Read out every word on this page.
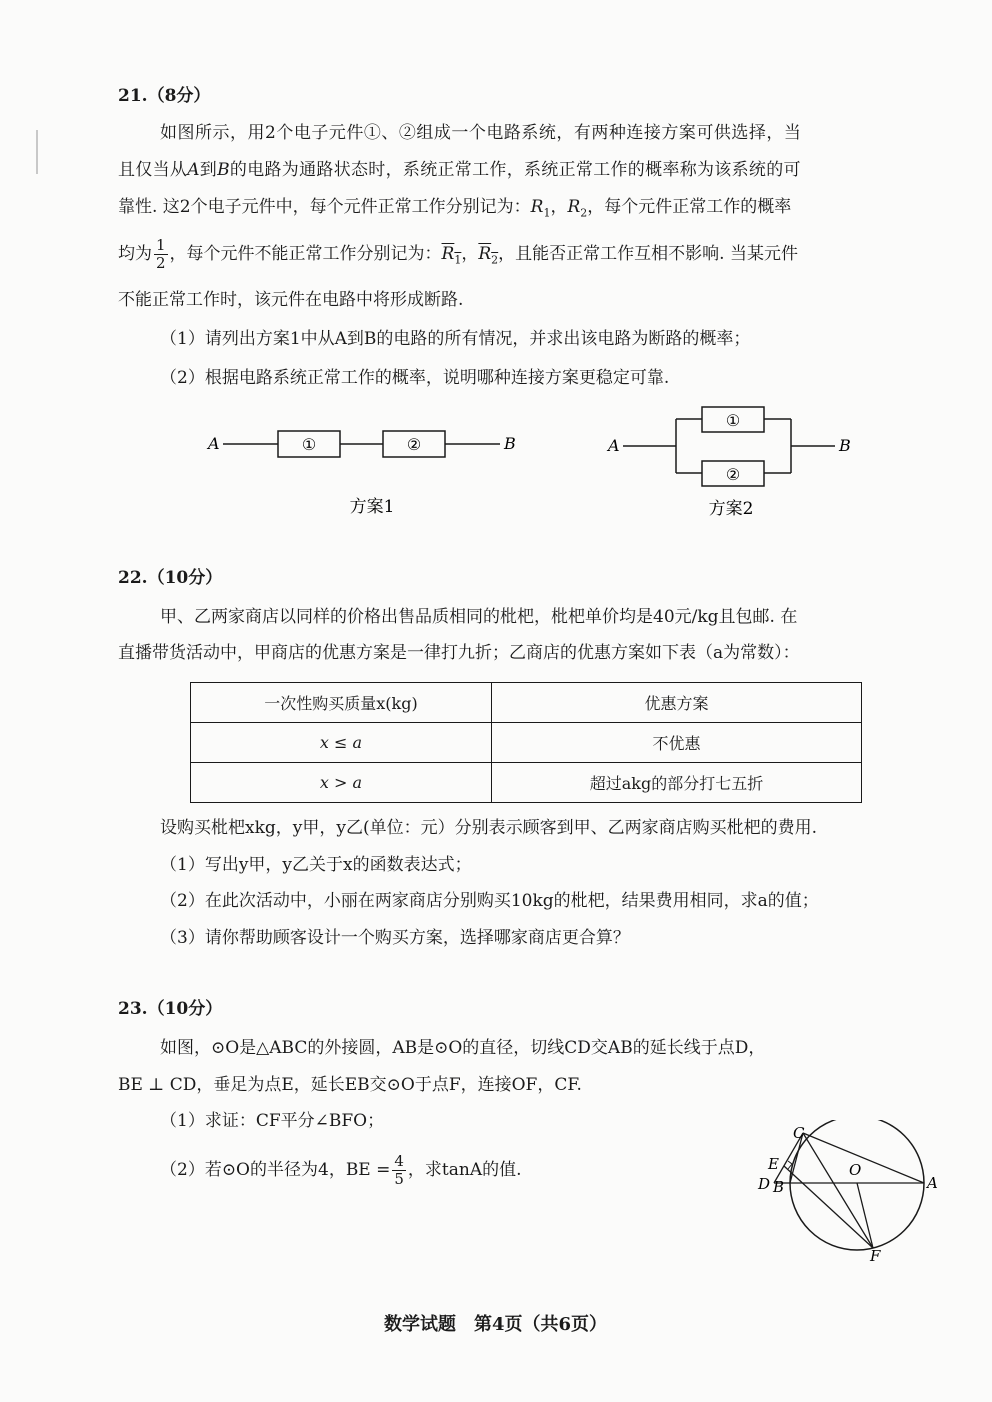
21.（8分）
如图所示，用2个电子元件①、②组成一个电路系统，有两种连接方案可供选择，当
且仅当从A到B的电路为通路状态时，系统正常工作，系统正常工作的概率称为该系统的可
靠性. 这2个电子元件中，每个元件正常工作分别记为：$R_1$，$R_2$，每个元件正常工作的概率
均为 $\frac{1}{2}$ ，每个元件不能正常工作分别记为：$\overline{R}_1$，$\overline{R}_2$，且能否正常工作互相不影响. 当某元件
不能正常工作时，该元件在电路中将形成断路.
（1）请列出方案1中从A到B的电路的所有情况，并求出该电路为断路的概率；
（2）根据电路系统正常工作的概率，说明哪种连接方案更稳定可靠.
A	①	②	B
方案1
A
①
②
B
方案2
22.（10分）
甲、乙两家商店以同样的价格出售品质相同的枇杷，枇杷单价均是40元/kg且包邮. 在
直播带货活动中，甲商店的优惠方案是一律打九折；乙商店的优惠方案如下表（a为常数）：
一次性购买质量x(kg)	优惠方案
x ≤ a	不优惠
x > a	超过akg的部分打七五折
设购买枇杷xkg，y甲，y乙(单位：元）分别表示顾客到甲、乙两家商店购买枇杷的费用.
（1）写出y甲，y乙关于x的函数表达式；
（2）在此次活动中，小丽在两家商店分别购买10kg的枇杷，结果费用相同，求a的值；
（3）请你帮助顾客设计一个购买方案，选择哪家商店更合算？
23.（10分）
如图，⊙O是△ABC的外接圆，AB是⊙O的直径，切线CD交AB的延长线于点D，
BE ⊥ CD，垂足为点E，延长EB交⊙O于点F，连接OF，CF.
（1）求证：CF平分∠BFO；
（2）若⊙O的半径为4，BE = $\frac{4}{5}$ ，求tanA的值.
C
E
D B
O
A
F
数学试题　第4页（共6页）
